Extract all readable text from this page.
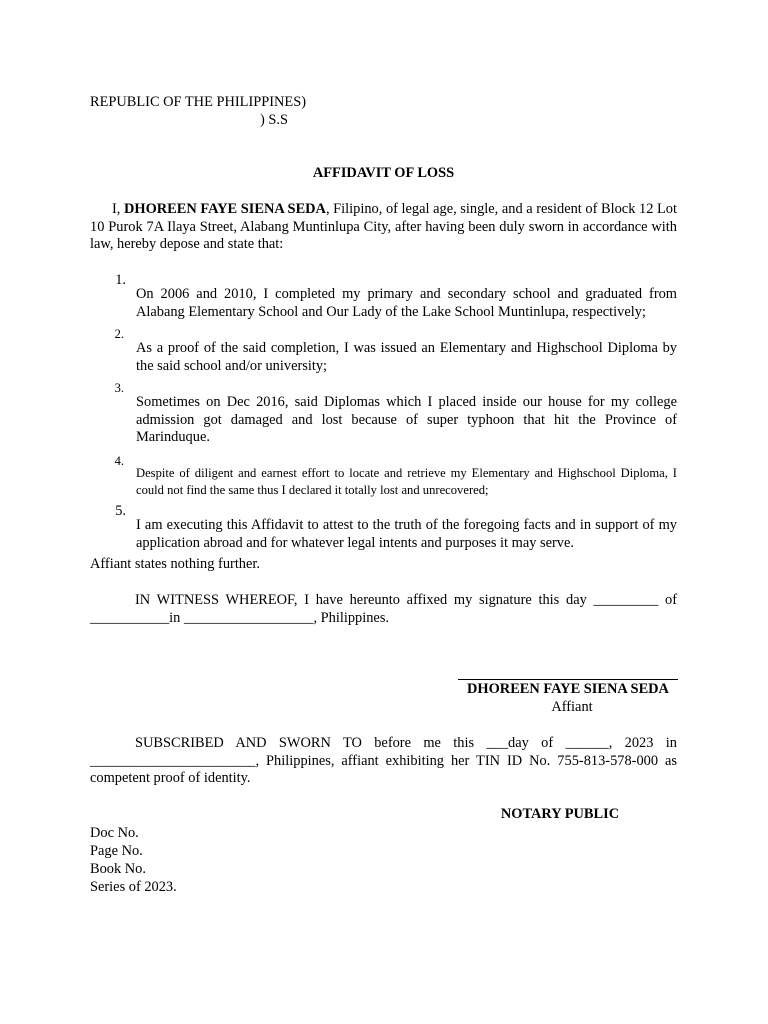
REPUBLIC OF THE PHILIPPINES)

) S.S

AFFIDAVIT OF LOSS

I, DHOREEN FAYE SIENA SEDA, Filipino, of legal age, single, and a resident of Block 12 Lot 10 Purok 7A Ilaya Street, Alabang Muntinlupa City, after having been duly sworn in accordance with law, hereby depose and state that:

1.

On 2006 and 2010, I completed my primary and secondary school and graduated from Alabang Elementary School and Our Lady of the Lake School Muntinlupa, respectively;

2.

As a proof of the said completion, I was issued an Elementary and Highschool Diploma by the said school and/or university;

3.

Sometimes on Dec 2016, said Diplomas which I placed inside our house for my college admission got damaged and lost because of super typhoon that hit the Province of Marinduque.

4.

Despite of diligent and earnest effort to locate and retrieve my Elementary and Highschool Diploma, I could not find the same thus I declared it totally lost and unrecovered;

5.

I am executing this Affidavit to attest to the truth of the foregoing facts and in support of my application abroad and for whatever legal intents and purposes it may serve.

Affiant states nothing further.

IN WITNESS WHEREOF, I have hereunto affixed my signature this day _________ of ___________in __________________, Philippines.

DHOREEN FAYE SIENA SEDA

Affiant

SUBSCRIBED AND SWORN TO before me this ___day of ______, 2023 in _______________________, Philippines, affiant exhibiting her TIN ID No. 755-813-578-000 as competent proof of identity.

NOTARY PUBLIC

Doc No.
Page No.
Book No.
Series of 2023.
